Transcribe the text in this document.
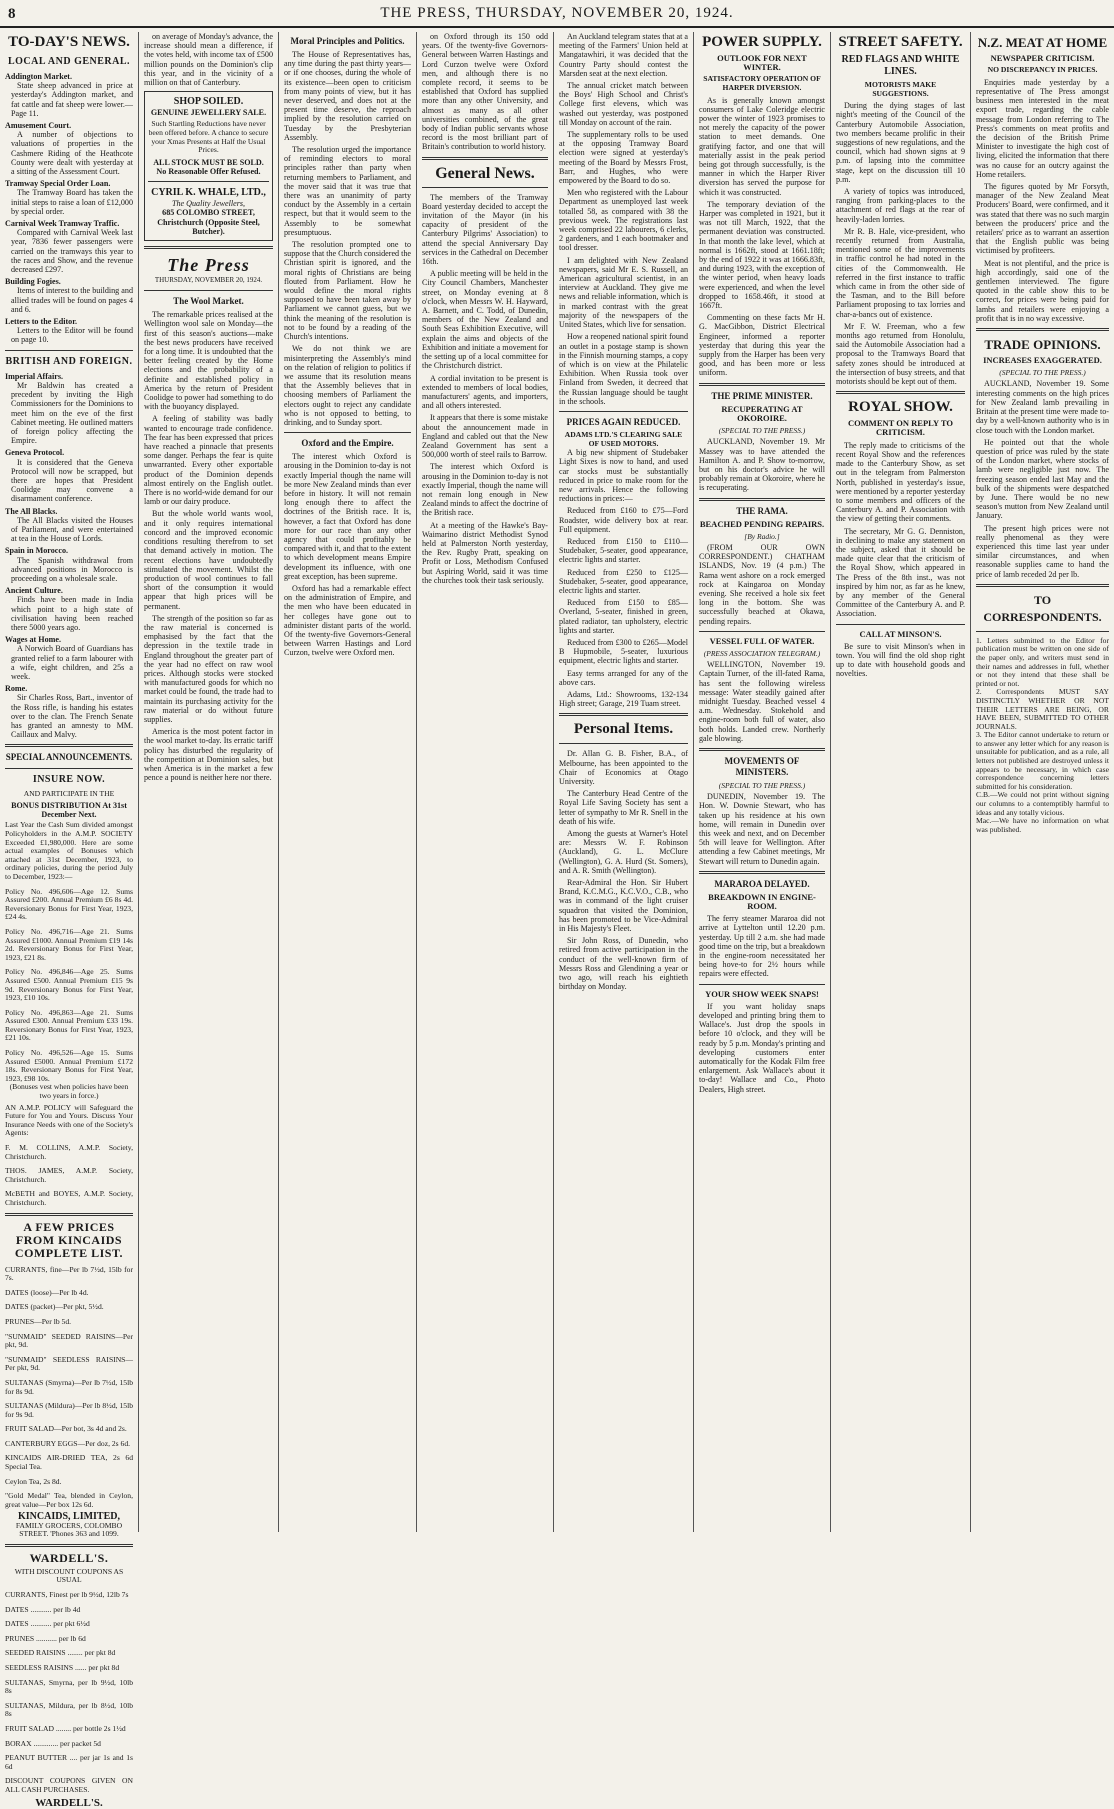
8	THE PRESS, THURSDAY, NOVEMBER 20, 1924.
TO-DAY'S NEWS.
LOCAL AND GENERAL.
Addington Market.
State sheep advanced in price at yesterday's Addington market, and fat cattle and fat sheep were lower.—Page 11.
Amusement Court.
A number of objections to valuations of properties in the Cashmere Riding of the Heathcote County were dealt with yesterday at a sitting of the Assessment Court.
Tramway Special Order Loan.
The Tramway Board has taken the initial steps to raise a loan of £12,000 by special order.
Carnival Week Tramway Traffic.
Compared with Carnival Week last year, 7836 fewer passengers were carried on the tramways this year to the races and Show, and the revenue decreased £297.
Building Fogies.
Items of interest to the building and allied trades will be found on pages 4 and 6.
Letters to the Editor.
Letters to the Editor will be found on page 10.
BRITISH AND FOREIGN.
Imperial Affairs.
Mr Baldwin has created a precedent by inviting the High Commissioners for the Dominions to meet him on the eve of the first Cabinet meeting. He outlined matters of foreign policy affecting the Empire.
Geneva Protocol.
It is considered that the Geneva Protocol will now be scrapped, but there are hopes that President Coolidge may convene a disarmament conference.
The All Blacks.
The All Blacks visited the Houses of Parliament, and were entertained at tea in the House of Lords.
Spain in Morocco.
The Spanish withdrawal from advanced positions in Morocco is proceeding on a wholesale scale.
Ancient Culture.
Finds have been made in India which point to a high state of civilisation having been reached there 5000 years ago.
Wages at Home.
A Norwich Board of Guardians has granted relief to a farm labourer with a wife, eight children, and 25s a week.
Rome.
Sir Charles Ross, Bart., inventor of the Ross rifle, is handing his estates over to the clan. The French Senate has granted an amnesty to MM. Caillaux and Malvy.
SPECIAL ANNOUNCEMENTS.
INSURE NOW.
AND PARTICIPATE IN THE
BONUS DISTRIBUTION At 31st December Next.
Last Year the Cash Sum divided amongst Policyholders in the A.M.P. SOCIETY Exceeded £1,980,000. Here are some actual examples of Bonuses which attached at 31st December, 1923, to ordinary policies, during the period July to December, 1923:—
Policy No. 496,606—Age 12. Sums Assured £200. Annual Premium £6 8s 4d. Reversionary Bonus for First Year, 1923, £24 4s.
Policy No. 496,716—Age 21. Sums Assured £1000. Annual Premium £19 14s 2d. Reversionary Bonus for First Year, 1923, £21 8s.
Policy No. 496,846—Age 25. Sums Assured £500. Annual Premium £15 9s 9d. Reversionary Bonus for First Year, 1923, £10 10s.
Policy No. 496,863—Age 21. Sums Assured £300. Annual Premium £33 19s. Reversionary Bonus for First Year, 1923, £21 10s.
Policy No. 496,526—Age 15. Sums Assured £5000. Annual Premium £172 18s. Reversionary Bonus for First Year, 1923, £98 10s.
(Bonuses vest when policies have been two years in force.)
AN A.M.P. POLICY will Safeguard the Future for You and Yours. Discuss Your Insurance Needs with one of the Society's Agents:
F. M. COLLINS, A.M.P. Society, Christchurch.
THOS. JAMES, A.M.P. Society, Christchurch.
McBETH and BOYES, A.M.P. Society, Christchurch.
A FEW PRICES FROM KINCAIDS COMPLETE LIST.
CURRANTS, fine—Per lb 7½d, 15lb for 7s.
DATES (loose)—Per lb 4d.
DATES (packet)—Per pkt, 5½d.
PRUNES—Per lb 5d.
"SUNMAID" SEEDED RAISINS—Per pkt, 9d.
"SUNMAID" SEEDLESS RAISINS—Per pkt, 9d.
SULTANAS (Smyrna)—Per lb 7½d, 15lb for 8s 9d.
SULTANAS (Mildura)—Per lb 8½d, 15lb for 9s 9d.
FRUIT SALAD—Per bot, 3s 4d and 2s.
CANTERBURY EGGS—Per doz, 2s 6d.
KINCAIDS AIR-DRIED TEA, 2s 6d Special Tea.
Ceylon Tea, 2s 8d.
"Gold Medal" Tea, blended in Ceylon, great value—Per box 12s 6d.
KINCAIDS, LIMITED,
FAMILY GROCERS, COLOMBO STREET. 'Phones 363 and 1099.
WARDELL'S.
WITH DISCOUNT COUPONS AS USUAL
CURRANTS, Finest per lb 9½d, 12lb 7s
DATES ........... per lb 4d
DATES ........... per pkt 6½d
PRUNES ........... per lb 6d
SEEDED RAISINS ........ per pkt 8d
SEEDLESS RAISINS ...... per pkt 8d
SULTANAS, Smyrna, per lb 9½d, 10lb 8s
SULTANAS, Mildura, per lb 8½d, 10lb 8s
FRUIT SALAD ........ per bottle 2s 1½d
BORAX ............. per packet 5d
PEANUT BUTTER .... per jar 1s and 1s 6d
DISCOUNT COUPONS GIVEN ON ALL CASH PURCHASES.
WARDELL'S.

on average of Monday's advance, the increase should mean a difference, if the votes held, with income tax of £500 million pounds on the Dominion's clip this year, and in the vicinity of a million on that of Canterbury.

SHOP SOILED.
GENUINE JEWELLERY SALE.
Such Startling Reductions have never been offered before. A chance to secure your Xmas Presents at Half the Usual Prices.
ALL STOCK MUST BE SOLD. No Reasonable Offer Refused.
CYRIL K. WHALE, LTD.,
The Quality Jewellers,
685 COLOMBO STREET, Christchurch (Opposite Steel, Butcher).
The Press
THURSDAY, NOVEMBER 20, 1924.
The Wool Market.

The remarkable prices realised at the Wellington wool sale on Monday—the first of this season's auctions—make the best news producers have received for a long time. It is undoubted that the better feeling created by the Home elections and the probability of a definite and established policy in America by the return of President Coolidge to power had something to do with the buoyancy displayed.

A feeling of stability was badly wanted to encourage trade confidence. The fear has been expressed that prices have reached a pinnacle that presents some danger. Perhaps the fear is quite unwarranted. Every other exportable product of the Dominion depends almost entirely on the English outlet. There is no world-wide demand for our lamb or our dairy produce.

But the whole world wants wool, and it only requires international concord and the improved economic conditions resulting therefrom to set that demand actively in motion. The recent elections have undoubtedly stimulated the movement. Whilst the production of wool continues to fall short of the consumption it would appear that high prices will be permanent.

The strength of the position so far as the raw material is concerned is emphasised by the fact that the depression in the textile trade in England throughout the greater part of the year had no effect on raw wool prices. Although stocks were stocked with manufactured goods for which no market could be found, the trade had to maintain its purchasing activity for the raw material or do without future supplies.

America is the most potent factor in the wool market to-day. Its erratic tariff policy has disturbed the regularity of the competition at Dominion sales, but when America is in the market a few pence a pound is neither here nor there.

Moral Principles and Politics.

The House of Representatives has, any time during the past thirty years—or if one chooses, during the whole of its existence—been open to criticism from many points of view, but it has never deserved, and does not at the present time deserve, the reproach implied by the resolution carried on Tuesday by the Presbyterian Assembly.

The resolution urged the importance of reminding electors to moral principles rather than party when returning members to Parliament, and the mover said that it was true that there was an unanimity of party conduct by the Assembly in a certain respect, but that it would seem to the Assembly to be somewhat presumptuous.

The resolution prompted one to suppose that the Church considered the Christian spirit is ignored, and the moral rights of Christians are being flouted from Parliament. How he would define the moral rights supposed to have been taken away by Parliament we cannot guess, but we think the meaning of the resolution is not to be found by a reading of the Church's intentions.

We do not think we are misinterpreting the Assembly's mind on the relation of religion to politics if we assume that its resolution means that the Assembly believes that in choosing members of Parliament the electors ought to reject any candidate who is not opposed to betting, to drinking, and to Sunday sport.

Oxford and the Empire.

The interest which Oxford is arousing in the Dominion to-day is not exactly Imperial though the name will be more New Zealand minds than ever before in history. It will not remain long enough there to affect the doctrines of the British race. It is, however, a fact that Oxford has done more for our race than any other agency that could profitably be compared with it, and that to the extent to which development means Empire development its influence, with one great exception, has been supreme.

Oxford has had a remarkable effect on the administration of Empire, and the men who have been educated in her colleges have gone out to administer distant parts of the world. Of the twenty-five Governors-General between Warren Hastings and Lord Curzon, twelve were Oxford men.

on Oxford through its 150 odd years. Of the twenty-five Governors-General between Warren Hastings and Lord Curzon twelve were Oxford men, and although there is no complete record, it seems to be established that Oxford has supplied more than any other University, and almost as many as all other universities combined, of the great body of Indian public servants whose record is the most brilliant part of Britain's contribution to world history.

General News.

The members of the Tramway Board yesterday decided to accept the invitation of the Mayor (in his capacity of president of the Canterbury Pilgrims' Association) to attend the special Anniversary Day services in the Cathedral on December 16th.

A public meeting will be held in the City Council Chambers, Manchester street, on Monday evening at 8 o'clock, when Messrs W. H. Hayward, A. Barnett, and C. Todd, of Dunedin, members of the New Zealand and South Seas Exhibition Executive, will explain the aims and objects of the Exhibition and initiate a movement for the setting up of a local committee for the Christchurch district.

A cordial invitation to be present is extended to members of local bodies, manufacturers' agents, and importers, and all others interested.

It appears that there is some mistake about the announcement made in England and cabled out that the New Zealand Government has sent a 500,000 worth of steel rails to Barrow.

The interest which Oxford is arousing in the Dominion to-day is not exactly Imperial, though the name will not remain long enough in New Zealand minds to affect the doctrine of the British race.

At a meeting of the Hawke's Bay-Waimarino district Methodist Synod held at Palmerston North yesterday, the Rev. Rugby Pratt, speaking on Profit or Loss, Methodism Confused but Aspiring World, said it was time the churches took their task seriously.

An Auckland telegram states that at a meeting of the Farmers' Union held at Mangatawhiri, it was decided that the Country Party should contest the Marsden seat at the next election.

The annual cricket match between the Boys' High School and Christ's College first elevens, which was washed out yesterday, was postponed till Monday on account of the rain.

The supplementary rolls to be used at the opposing Tramway Board election were signed at yesterday's meeting of the Board by Messrs Frost, Barr, and Hughes, who were empowered by the Board to do so.

Men who registered with the Labour Department as unemployed last week totalled 58, as compared with 38 the previous week. The registrations last week comprised 22 labourers, 6 clerks, 2 gardeners, and 1 each bootmaker and tool dresser.

I am delighted with New Zealand newspapers, said Mr E. S. Russell, an American agricultural scientist, in an interview at Auckland. They give me news and reliable information, which is in marked contrast with the great majority of the newspapers of the United States, which live for sensation.

How a reopened national spirit found an outlet in a postage stamp is shown in the Finnish mourning stamps, a copy of which is on view at the Philatelic Exhibition. When Russia took over Finland from Sweden, it decreed that the Russian language should be taught in the schools.

PRICES AGAIN REDUCED.
ADAMS LTD.'S CLEARING SALE OF USED MOTORS.

A big new shipment of Studebaker Light Sixes is now to hand, and used car stocks must be substantially reduced in price to make room for the new arrivals. Hence the following reductions in prices:—

Reduced from £160 to £75—Ford Roadster, wide delivery box at rear. Full equipment.

Reduced from £150 to £110—Studebaker, 5-seater, good appearance, electric lights and starter.

Reduced from £250 to £125—Studebaker, 5-seater, good appearance, electric lights and starter.

Reduced from £150 to £85—Overland, 5-seater, finished in green, plated radiator, tan upholstery, electric lights and starter.

Reduced from £300 to £265—Model B Hupmobile, 5-seater, luxurious equipment, electric lights and starter.

Easy terms arranged for any of the above cars.

Adams, Ltd.: Showrooms, 132-134 High street; Garage, 219 Tuam street.

Personal Items.

Dr. Allan G. B. Fisher, B.A., of Melbourne, has been appointed to the Chair of Economics at Otago University.

The Canterbury Head Centre of the Royal Life Saving Society has sent a letter of sympathy to Mr R. Snell in the death of his wife.

Among the guests at Warner's Hotel are: Messrs W. F. Robinson (Auckland), G. L. McClure (Wellington), G. A. Hurd (St. Somers), and A. R. Smith (Wellington).

Rear-Admiral the Hon. Sir Hubert Brand, K.C.M.G., K.C.V.O., C.B., who was in command of the light cruiser squadron that visited the Dominion, has been promoted to be Vice-Admiral in His Majesty's Fleet.

Sir John Ross, of Dunedin, who retired from active participation in the conduct of the well-known firm of Messrs Ross and Glendining a year or two ago, will reach his eightieth birthday on Monday.

POWER SUPPLY.
OUTLOOK FOR NEXT WINTER.
SATISFACTORY OPERATION OF HARPER DIVERSION.

As is generally known amongst consumers of Lake Coleridge electric power the winter of 1923 promises to not merely the capacity of the power station to meet demands. One gratifying factor, and one that will materially assist in the peak period being got through successfully, is the manner in which the Harper River diversion has served the purpose for which it was constructed.

The temporary deviation of the Harper was completed in 1921, but it was not till March, 1922, that the permanent deviation was constructed. In that month the lake level, which at normal is 1662ft, stood at 1661.18ft; by the end of 1922 it was at 1666.83ft, and during 1923, with the exception of the winter period, when heavy loads were experienced, and when the level dropped to 1658.46ft, it stood at 1667ft.

Commenting on these facts Mr H. G. MacGibbon, District Electrical Engineer, informed a reporter yesterday that during this year the supply from the Harper has been very good, and has been more or less uniform.

THE PRIME MINISTER.
RECUPERATING AT OKOROIRE.
(SPECIAL TO THE PRESS.)

AUCKLAND, November 19. Mr Massey was to have attended the Hamilton A. and P. Show to-morrow, but on his doctor's advice he will probably remain at Okoroire, where he is recuperating.

THE RAMA.
BEACHED PENDING REPAIRS.
[By Radio.]

(FROM OUR OWN CORRESPONDENT.) CHATHAM ISLANDS, Nov. 19 (4 p.m.) The Rama went ashore on a rock emerged rock at Kaingaroa on Monday evening. She received a hole six feet long in the bottom. She was successfully beached at Okawa, pending repairs.

VESSEL FULL OF WATER.
(PRESS ASSOCIATION TELEGRAM.)

WELLINGTON, November 19. Captain Turner, of the ill-fated Rama, has sent the following wireless message: Water steadily gained after midnight Tuesday. Beached vessel 4 a.m. Wednesday. Stokehold and engine-room both full of water, also both holds. Landed crew. Northerly gale blowing.

MOVEMENTS OF MINISTERS.
(SPECIAL TO THE PRESS.)

DUNEDIN, November 19. The Hon. W. Downie Stewart, who has taken up his residence at his own home, will remain in Dunedin over this week and next, and on December 5th will leave for Wellington. After attending a few Cabinet meetings, Mr Stewart will return to Dunedin again.

MARAROA DELAYED.
BREAKDOWN IN ENGINE-ROOM.

The ferry steamer Mararoa did not arrive at Lyttelton until 12.20 p.m. yesterday. Up till 2 a.m. she had made good time on the trip, but a breakdown in the engine-room necessitated her being hove-to for 2½ hours while repairs were effected.

YOUR SHOW WEEK SNAPS!

If you want holiday snaps developed and printing bring them to Wallace's. Just drop the spools in before 10 o'clock, and they will be ready by 5 p.m. Monday's printing and developing customers enter automatically for the Kodak Film free enlargement. Ask Wallace's about it to-day! Wallace and Co., Photo Dealers, High street.

STREET SAFETY.
RED FLAGS AND WHITE LINES.
MOTORISTS MAKE SUGGESTIONS.

During the dying stages of last night's meeting of the Council of the Canterbury Automobile Association, two members became prolific in their suggestions of new regulations, and the council, which had shown signs at 9 p.m. of lapsing into the committee stage, kept on the discussion till 10 p.m.

A variety of topics was introduced, ranging from parking-places to the attachment of red flags at the rear of heavily-laden lorries.

Mr R. B. Hale, vice-president, who recently returned from Australia, mentioned some of the improvements in traffic control he had noted in the cities of the Commonwealth. He referred in the first instance to traffic which came in from the other side of the Tasman, and to the Bill before Parliament proposing to tax lorries and char-a-bancs out of existence.

Mr F. W. Freeman, who a few months ago returned from Honolulu, said the Automobile Association had a proposal to the Tramways Board that safety zones should be introduced at the intersection of busy streets, and that motorists should be kept out of them.

ROYAL SHOW.
COMMENT ON REPLY TO CRITICISM.

The reply made to criticisms of the recent Royal Show and the references made to the Canterbury Show, as set out in the telegram from Palmerston North, published in yesterday's issue, were mentioned by a reporter yesterday to some members and officers of the Canterbury A. and P. Association with the view of getting their comments.

The secretary, Mr G. G. Denniston, in declining to make any statement on the subject, asked that it should be made quite clear that the criticism of the Royal Show, which appeared in The Press of the 8th inst., was not inspired by him nor, as far as he knew, by any member of the General Committee of the Canterbury A. and P. Association.

CALL AT MINSON'S.

Be sure to visit Minson's when in town. You will find the old shop right up to date with household goods and novelties.

N.Z. MEAT AT HOME
NEWSPAPER CRITICISM.
NO DISCREPANCY IN PRICES.

Enquiries made yesterday by a representative of The Press amongst business men interested in the meat export trade, regarding the cable message from London referring to The Press's comments on meat profits and the decision of the British Prime Minister to investigate the high cost of living, elicited the information that there was no cause for an outcry against the Home retailers.

The figures quoted by Mr Forsyth, manager of the New Zealand Meat Producers' Board, were confirmed, and it was stated that there was no such margin between the producers' price and the retailers' price as to warrant an assertion that the English public was being victimised by profiteers.

Meat is not plentiful, and the price is high accordingly, said one of the gentlemen interviewed. The figure quoted in the cable show this to be correct, for prices were being paid for lambs and retailers were enjoying a profit that is in no way excessive.

TRADE OPINIONS.
INCREASES EXAGGERATED.
(SPECIAL TO THE PRESS.)

AUCKLAND, November 19. Some interesting comments on the high prices for New Zealand lamb prevailing in Britain at the present time were made to-day by a well-known authority who is in close touch with the London market.

He pointed out that the whole question of price was ruled by the state of the London market, where stocks of lamb were negligible just now. The freezing season ended last May and the bulk of the shipments were despatched by June. There would be no new season's mutton from New Zealand until January.

The present high prices were not really phenomenal as they were experienced this time last year under similar circumstances, and when reasonable supplies came to hand the price of lamb receded 2d per lb.

TO CORRESPONDENTS.
1. Letters submitted to the Editor for publication must be written on one side of the paper only, and writers must send in their names and addresses in full, whether or not they intend that these shall be printed or not.
2. Correspondents MUST SAY DISTINCTLY WHETHER OR NOT THEIR LETTERS ARE BEING, OR HAVE BEEN, SUBMITTED TO OTHER JOURNALS.
3. The Editor cannot undertake to return or to answer any letter which for any reason is unsuitable for publication, and as a rule, all letters not published are destroyed unless it appears to be necessary, in which case correspondence concerning letters submitted for his consideration.
C.B.—We could not print without signing our columns to a contemptibly harmful to ideas and any totally vicious.
Mac.—We have no information on what was published.
